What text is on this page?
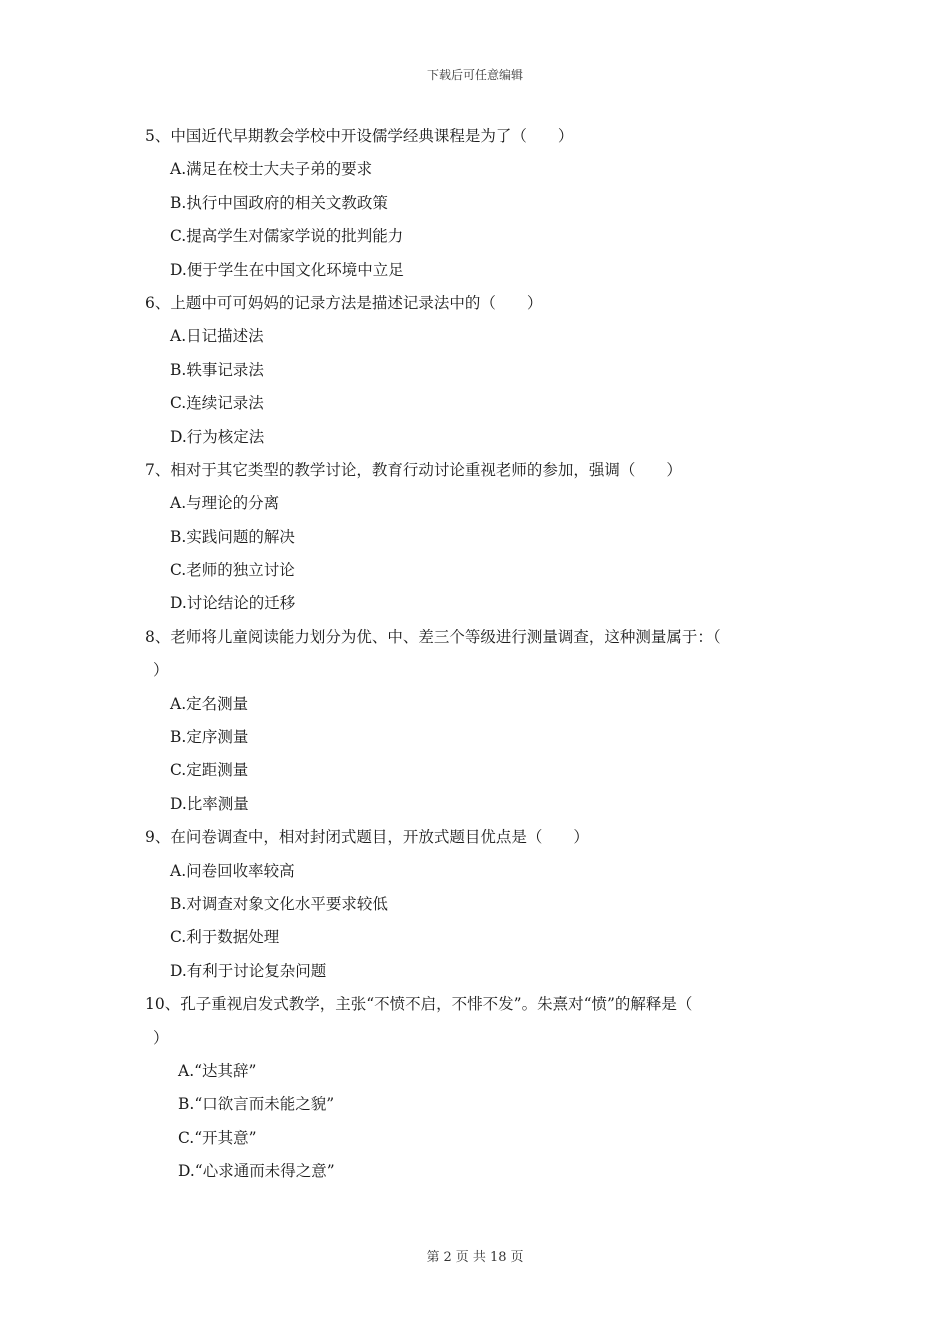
下载后可任意编辑
5、中国近代早期教会学校中开设儒学经典课程是为了（　　）
A.满足在校士大夫子弟的要求
B.执行中国政府的相关文教政策
C.提高学生对儒家学说的批判能力
D.便于学生在中国文化环境中立足
6、上题中可可妈妈的记录方法是描述记录法中的（　　）
A.日记描述法
B.轶事记录法
C.连续记录法
D.行为核定法
7、相对于其它类型的教学讨论，教育行动讨论重视老师的参加，强调（　　）
A.与理论的分离
B.实践问题的解决
C.老师的独立讨论
D.讨论结论的迁移
8、老师将儿童阅读能力划分为优、中、差三个等级进行测量调查，这种测量属于：（
）
A.定名测量
B.定序测量
C.定距测量
D.比率测量
9、在问卷调查中，相对封闭式题目，开放式题目优点是（　　）
A.问卷回收率较高
B.对调查对象文化水平要求较低
C.利于数据处理
D.有利于讨论复杂问题
10、孔子重视启发式教学，主张“不愤不启，不悱不发”。朱熹对“愤”的解释是（
）
A.“达其辞”
B.“口欲言而未能之貌”
C.“开其意”
D.“心求通而未得之意”
第 2 页 共 18 页
